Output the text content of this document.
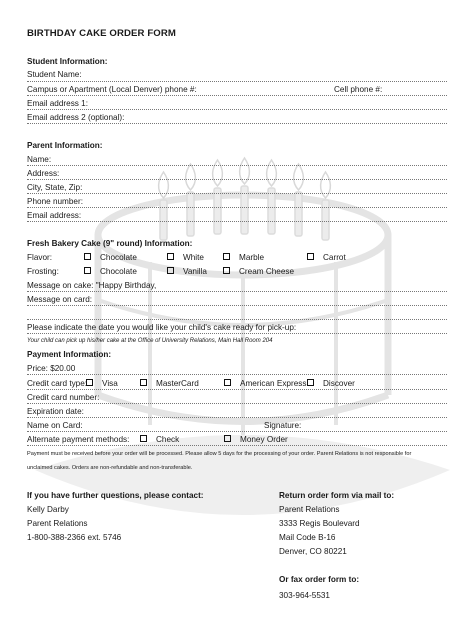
BIRTHDAY CAKE ORDER FORM
Student Information:
Student Name:
Campus or Apartment (Local Denver) phone #:	Cell phone #:
Email address 1:
Email address 2 (optional):
Parent Information:
Name:
Address:
City, State, Zip:
Phone number:
Email address:
Fresh Bakery Cake (9" round) Information:
Flavor:	Chocolate	White	Marble	Carrot
Frosting:	Chocolate	Vanilla	Cream Cheese
Message on cake: "Happy Birthday,
Message on card:
Please indicate the date you would like your child's cake ready for pick-up:
Your child can pick up his/her cake at the Office of University Relations, Main Hall Room 204
Payment Information:
Price: $20.00
Credit card type:	Visa	MasterCard	American Express	Discover
Credit card number:
Expiration date:
Name on Card:	Signature:
Alternate payment methods:	Check	Money Order
Payment must be received before your order will be processed. Please allow 5 days for the processing of your order. Parent Relations is not responsible for
unclaimed cakes. Orders are non-refundable and non-transferable.
If you have further questions, please contact:
Kelly Darby
Parent Relations
1-800-388-2366 ext. 5746
Return order form via mail to:
Parent Relations
3333 Regis Boulevard
Mail Code B-16
Denver, CO 80221
Or fax order form to:
303-964-5531
